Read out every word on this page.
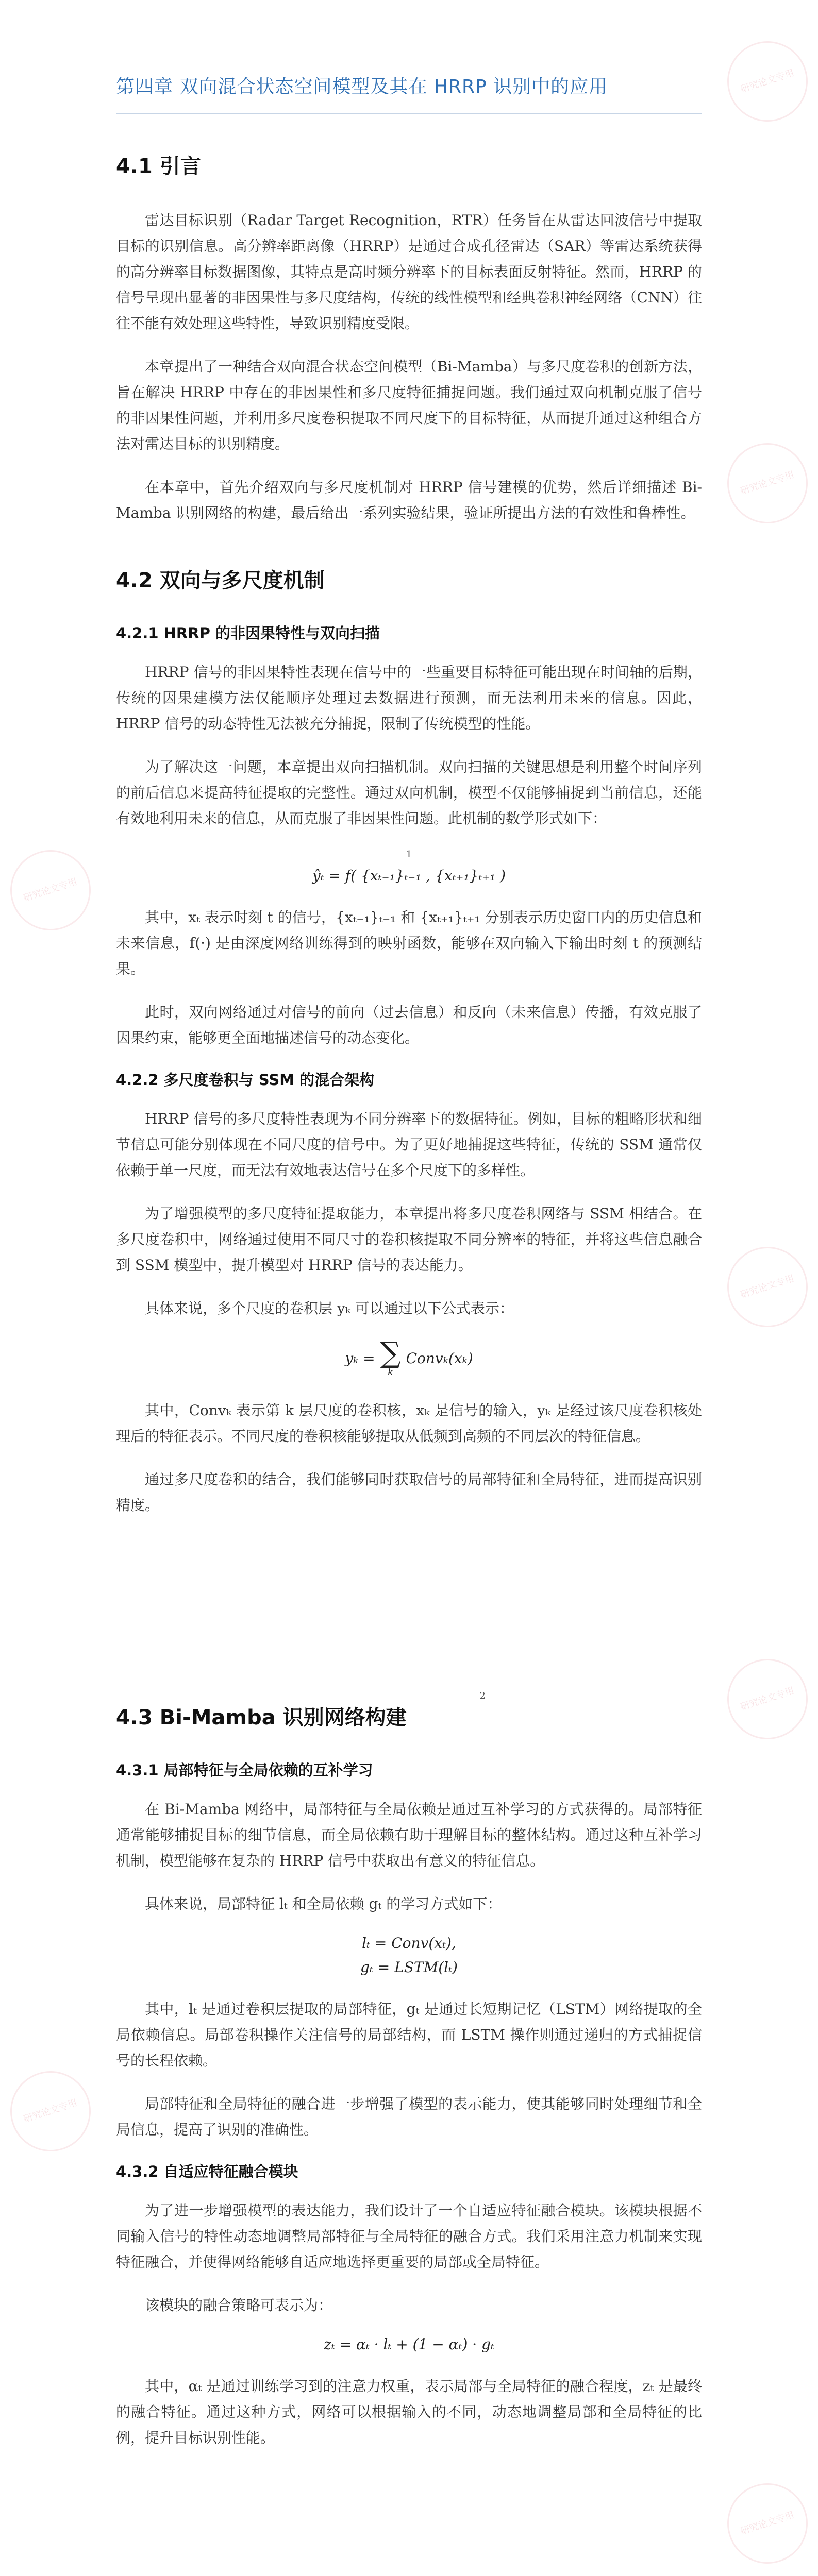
研究论文专用
研究论文专用
研究论文专用
研究论文专用
研究论文专用
研究论文专用
研究论文专用
第四章 双向混合状态空间模型及其在 HRRP 识别中的应用
4.1 引言

雷达目标识别（Radar Target Recognition，RTR）任务旨在从雷达回波信号中提取目标的识别信息。高分辨率距离像（HRRP）是通过合成孔径雷达（SAR）等雷达系统获得的高分辨率目标数据图像，其特点是高时频分辨率下的目标表面反射特征。然而，HRRP 的信号呈现出显著的非因果性与多尺度结构，传统的线性模型和经典卷积神经网络（CNN）往往不能有效处理这些特性，导致识别精度受限。

本章提出了一种结合双向混合状态空间模型（Bi-Mamba）与多尺度卷积的创新方法，旨在解决 HRRP 中存在的非因果性和多尺度特征捕捉问题。我们通过双向机制克服了信号的非因果性问题，并利用多尺度卷积提取不同尺度下的目标特征，从而提升通过这种组合方法对雷达目标的识别精度。

在本章中，首先介绍双向与多尺度机制对 HRRP 信号建模的优势，然后详细描述 Bi-Mamba 识别网络的构建，最后给出一系列实验结果，验证所提出方法的有效性和鲁棒性。

4.2 双向与多尺度机制
4.2.1 HRRP 的非因果特性与双向扫描

HRRP 信号的非因果特性表现在信号中的一些重要目标特征可能出现在时间轴的后期，传统的因果建模方法仅能顺序处理过去数据进行预测，而无法利用未来的信息。因此，HRRP 信号的动态特性无法被充分捕捉，限制了传统模型的性能。

为了解决这一问题，本章提出双向扫描机制。双向扫描的关键思想是利用整个时间序列的前后信息来提高特征提取的完整性。通过双向机制，模型不仅能够捕捉到当前信息，还能有效地利用未来的信息，从而克服了非因果性问题。此机制的数学形式如下：

1
ŷₜ = f( {xₜ₋₁}ₜ₋₁ , {xₜ₊₁}ₜ₊₁ )

其中，xₜ 表示时刻 t 的信号，{xₜ₋₁}ₜ₋₁ 和 {xₜ₊₁}ₜ₊₁ 分别表示历史窗口内的历史信息和未来信息，f(·) 是由深度网络训练得到的映射函数，能够在双向输入下输出时刻 t 的预测结果。

此时，双向网络通过对信号的前向（过去信息）和反向（未来信息）传播，有效克服了因果约束，能够更全面地描述信号的动态变化。

4.2.2 多尺度卷积与 SSM 的混合架构

HRRP 信号的多尺度特性表现为不同分辨率下的数据特征。例如，目标的粗略形状和细节信息可能分别体现在不同尺度的信号中。为了更好地捕捉这些特征，传统的 SSM 通常仅依赖于单一尺度，而无法有效地表达信号在多个尺度下的多样性。

为了增强模型的多尺度特征提取能力，本章提出将多尺度卷积网络与 SSM 相结合。在多尺度卷积中，网络通过使用不同尺寸的卷积核提取不同分辨率的特征，并将这些信息融合到 SSM 模型中，提升模型对 HRRP 信号的表达能力。

具体来说，多个尺度的卷积层 yₖ 可以通过以下公式表示：

yₖ = ∑
k
Convₖ(xₖ)

其中，Convₖ 表示第 k 层尺度的卷积核，xₖ 是信号的输入，yₖ 是经过该尺度卷积核处理后的特征表示。不同尺度的卷积核能够提取从低频到高频的不同层次的特征信息。

通过多尺度卷积的结合，我们能够同时获取信号的局部特征和全局特征，进而提高识别精度。

2
4.3 Bi-Mamba 识别网络构建
4.3.1 局部特征与全局依赖的互补学习

在 Bi-Mamba 网络中，局部特征与全局依赖是通过互补学习的方式获得的。局部特征通常能够捕捉目标的细节信息，而全局依赖有助于理解目标的整体结构。通过这种互补学习机制，模型能够在复杂的 HRRP 信号中获取出有意义的特征信息。

具体来说，局部特征 lₜ 和全局依赖 gₜ 的学习方式如下：

lₜ = Conv(xₜ),
gₜ = LSTM(lₜ)

其中，lₜ 是通过卷积层提取的局部特征，gₜ 是通过长短期记忆（LSTM）网络提取的全局依赖信息。局部卷积操作关注信号的局部结构，而 LSTM 操作则通过递归的方式捕捉信号的长程依赖。

局部特征和全局特征的融合进一步增强了模型的表示能力，使其能够同时处理细节和全局信息，提高了识别的准确性。

4.3.2 自适应特征融合模块

为了进一步增强模型的表达能力，我们设计了一个自适应特征融合模块。该模块根据不同输入信号的特性动态地调整局部特征与全局特征的融合方式。我们采用注意力机制来实现特征融合，并使得网络能够自适应地选择更重要的局部或全局特征。

该模块的融合策略可表示为：

zₜ = αₜ · lₜ + (1 − αₜ) · gₜ

其中，αₜ 是通过训练学习到的注意力权重，表示局部与全局特征的融合程度，zₜ 是最终的融合特征。通过这种方式，网络可以根据输入的不同，动态地调整局部和全局特征的比例，提升目标识别性能。
